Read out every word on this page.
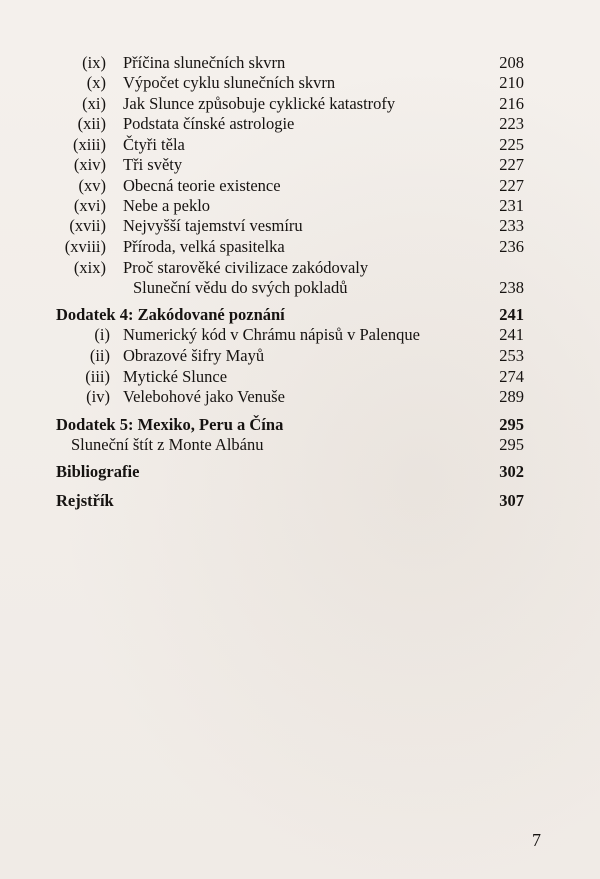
(ix) Příčina slunečních skvrn	208
(x) Výpočet cyklu slunečních skvrn	210
(xi) Jak Slunce způsobuje cyklické katastrofy	216
(xii) Podstata čínské astrologie	223
(xiii) Čtyři těla	225
(xiv) Tři světy	227
(xv) Obecná teorie existence	227
(xvi) Nebe a peklo	231
(xvii) Nejvyšší tajemství vesmíru	233
(xviii) Příroda, velká spasitelka	236
(xix) Proč starověké civilizace zakódovaly
Sluneční vědu do svých pokladů	238
Dodatek 4: Zakódované poznání	241
(i) Numerický kód v Chrámu nápisů v Palenque	241
(ii) Obrazové šifry Mayů	253
(iii) Mytické Slunce	274
(iv) Velebohové jako Venuše	289
Dodatek 5: Mexiko, Peru a Čína	295
Sluneční štít z Monte Albánu	295
Bibliografie	302
Rejstřík	307
7
